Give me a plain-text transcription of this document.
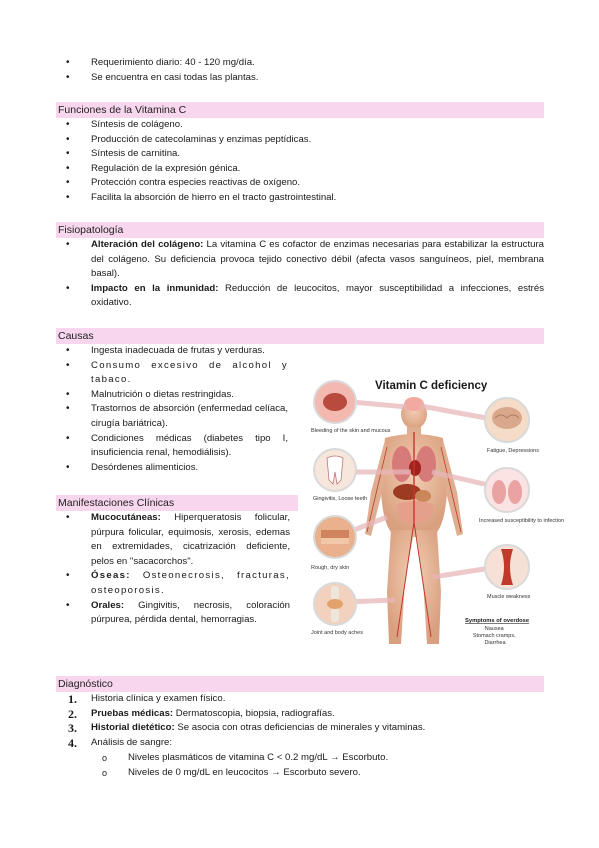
• Requerimiento diario: 40 - 120 mg/día.
• Se encuentra en casi todas las plantas.
Funciones de la Vitamina C
• Síntesis de colágeno.
• Producción de catecolaminas y enzimas peptídicas.
• Síntesis de carnitina.
• Regulación de la expresión génica.
• Protección contra especies reactivas de oxígeno.
• Facilita la absorción de hierro en el tracto gastrointestinal.
Fisiopatología
• Alteración del colágeno: La vitamina C es cofactor de enzimas necesarias para estabilizar la estructura del colágeno. Su deficiencia provoca tejido conectivo débil (afecta vasos sanguíneos, piel, membrana basal).
• Impacto en la inmunidad: Reducción de leucocitos, mayor susceptibilidad a infecciones, estrés oxidativo.
Causas
• Ingesta inadecuada de frutas y verduras.
• Consumo excesivo de alcohol y tabaco.
• Malnutrición o dietas restringidas.
• Trastornos de absorción (enfermedad celíaca, cirugía bariátrica).
• Condiciones médicas (diabetes tipo I, insuficiencia renal, hemodiálisis).
• Desórdenes alimenticios.
Manifestaciones Clínicas
• Mucocutáneas: Hiperqueratosis folicular, púrpura folicular, equimosis, xerosis, edemas en extremidades, cicatrización deficiente, pelos en "sacacorchos".
• Óseas: Osteonecrosis, fracturas, osteoporosis.
• Orales: Gingivitis, necrosis, coloración púrpurea, pérdida dental, hemorragias.
Vitamin C deficiency
Bleeding of the skin and mucous
Gingivitis, Loose teeth
Rough, dry skin
Joint and body aches
Fatigue, Depressions
Increased susceptibility to infection
Muscle weakness
Symptoms of overdose
Nausea Stomach cramps, Diarrhea
Diagnóstico
1. Historia clínica y examen físico.
2. Pruebas médicas: Dermatoscopia, biopsia, radiografías.
3. Historial dietético: Se asocia con otras deficiencias de minerales y vitaminas.
4. Análisis de sangre:
o Niveles plasmáticos de vitamina C < 0.2 mg/dL → Escorbuto.
o Niveles de 0 mg/dL en leucocitos → Escorbuto severo.
